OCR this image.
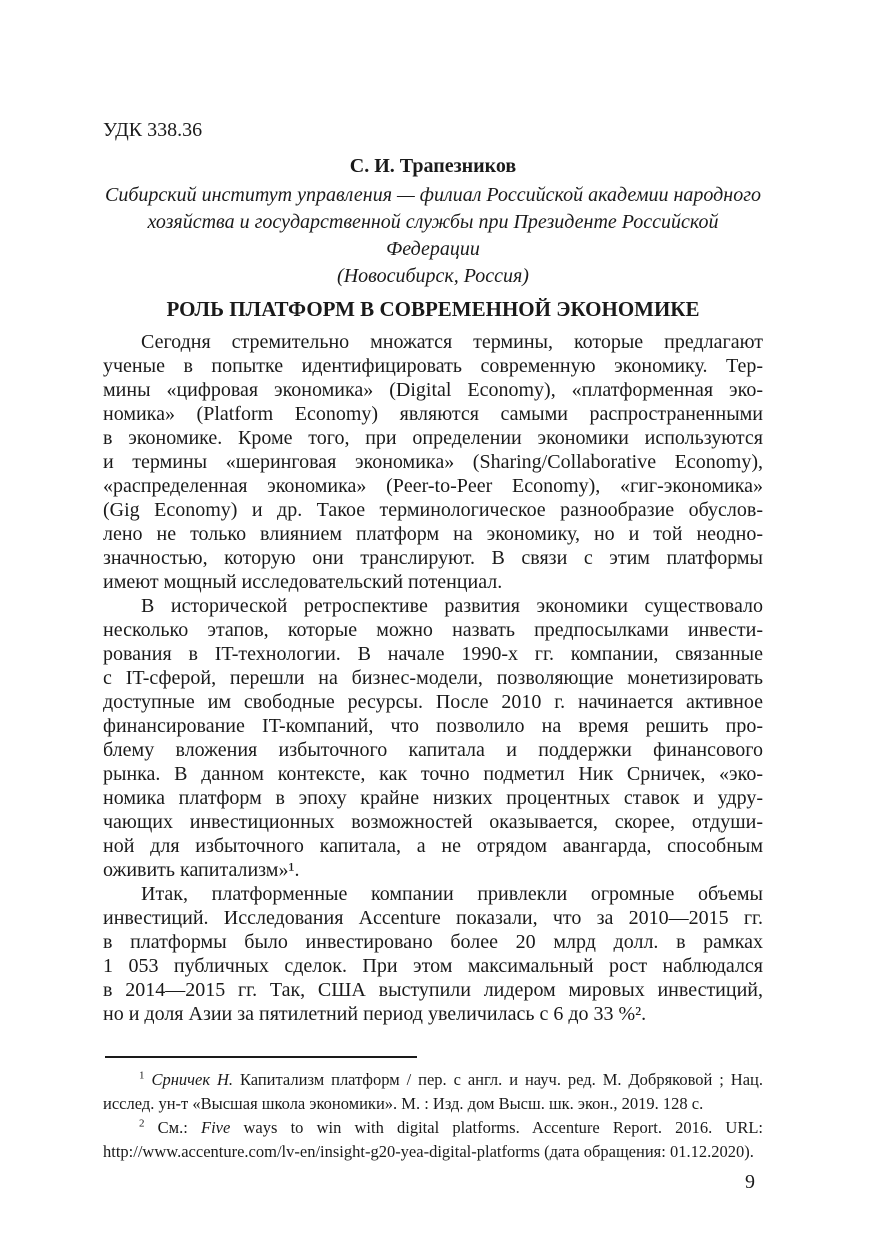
УДК 338.36
С. И. Трапезников
Сибирский институт управления — филиал Российской академии народного
хозяйства и государственной службы при Президенте Российской Федерации
(Новосибирск, Россия)
РОЛЬ ПЛАТФОРМ В СОВРЕМЕННОЙ ЭКОНОМИКЕ
Сегодня стремительно множатся термины, которые предлагают
ученые в попытке идентифицировать современную экономику. Тер-
мины «цифровая экономика» (Digital Economy), «платформенная эко-
номика» (Platform Economy) являются самыми распространенными
в экономике. Кроме того, при определении экономики используются
и термины «шеринговая экономика» (Sharing/Collaborative Economy),
«распределенная экономика» (Peer-to-Peer Economy), «гиг-экономика»
(Gig Economy) и др. Такое терминологическое разнообразие обуслов-
лено не только влиянием платформ на экономику, но и той неодно-
значностью, которую они транслируют. В связи с этим платформы
имеют мощный исследовательский потенциал.
В исторической ретроспективе развития экономики существовало
несколько этапов, которые можно назвать предпосылками инвести-
рования в IT-технологии. В начале 1990-х гг. компании, связанные
с IT-сферой, перешли на бизнес-модели, позволяющие монетизировать
доступные им свободные ресурсы. После 2010 г. начинается активное
финансирование IT-компаний, что позволило на время решить про-
блему вложения избыточного капитала и поддержки финансового
рынка. В данном контексте, как точно подметил Ник Срничек, «эко-
номика платформ в эпоху крайне низких процентных ставок и удру-
чающих инвестиционных возможностей оказывается, скорее, отдуши-
ной для избыточного капитала, а не отрядом авангарда, способным
оживить капитализм»¹.
Итак, платформенные компании привлекли огромные объемы
инвестиций. Исследования Accenture показали, что за 2010—2015 гг.
в платформы было инвестировано более 20 млрд долл. в рамках
1 053 публичных сделок. При этом максимальный рост наблюдался
в 2014—2015 гг. Так, США выступили лидером мировых инвестиций,
но и доля Азии за пятилетний период увеличилась с 6 до 33 %².
$^1$ Срничек Н. Капитализм платформ / пер. с англ. и науч. ред. М. Добряковой ; Нац.
исслед. ун-т «Высшая школа экономики». М. : Изд. дом Высш. шк. экон., 2019. 128 с.
$^2$ См.: Five ways to win with digital platforms. Accenture Report. 2016. URL:
http://www.accenture.com/lv-en/insight-g20-yea-digital-platforms (дата обращения: 01.12.2020).
9
